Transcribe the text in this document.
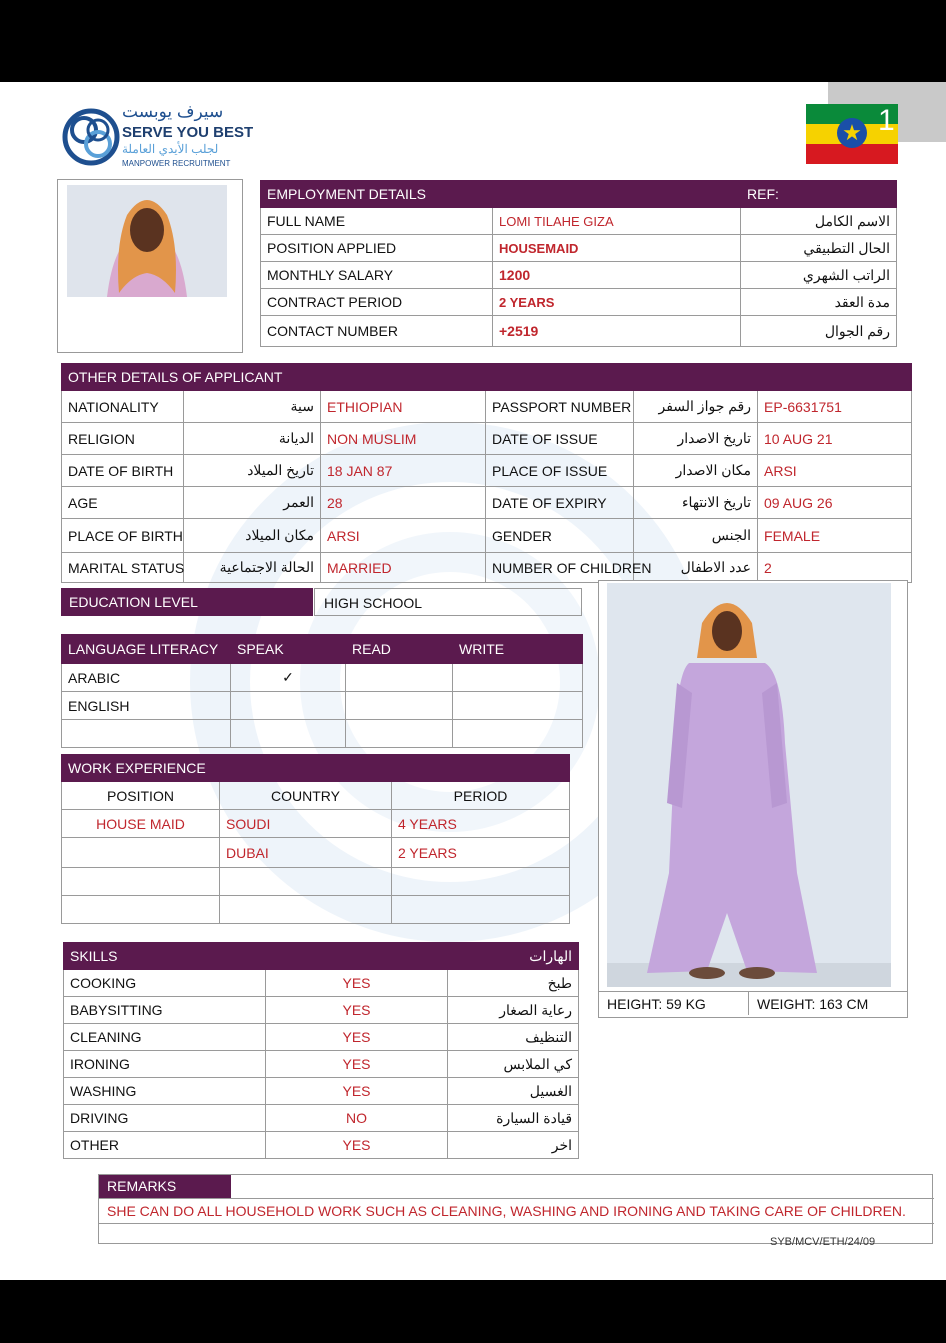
سيرف يوبست
SERVE YOU BEST
لجلب الأيدي العاملة
MANPOWER RECRUITMENT
★ 1
EMPLOYMENT DETAILS		REF:
FULL NAME	LOMI TILAHE GIZA	الاسم الكامل
POSITION APPLIED	HOUSEMAID	الحال التطبيقي
MONTHLY SALARY	1200	الراتب الشهري
CONTRACT PERIOD	2 YEARS	مدة العقد
CONTACT NUMBER	+2519	رقم الجوال
OTHER DETAILS OF APPLICANT					
NATIONALITY	سية	ETHIOPIAN	PASSPORT NUMBER	رقم جواز السفر	EP-6631751
RELIGION	الديانة	NON MUSLIM	DATE OF ISSUE	تاريخ الاصدار	10 AUG 21
DATE OF BIRTH	تاريخ الميلاد	18 JAN 87	PLACE OF ISSUE	مكان الاصدار	ARSI
AGE	العمر	28	DATE OF EXPIRY	تاريخ الانتهاء	09 AUG 26
PLACE OF BIRTH	مكان الميلاد	ARSI	GENDER	الجنس	FEMALE
MARITAL STATUS	الحالة الاجتماعية	MARRIED	NUMBER OF CHILDREN	عدد الاطفال	2
EDUCATION LEVEL	HIGH SCHOOL
LANGUAGE LITERACY	SPEAK	READ	WRITE
ARABIC	✓		
ENGLISH			

WORK EXPERIENCE		
POSITION	COUNTRY	PERIOD
HOUSE MAID	SOUDI	4 YEARS
	DUBAI	2 YEARS

SKILLS		الهارات
COOKING	YES	طبخ
BABYSITTING	YES	رعاية الصغار
CLEANING	YES	التنظيف
IRONING	YES	كي الملابس
WASHING	YES	الغسيل
DRIVING	NO	قيادة السيارة
OTHER	YES	اخر
HEIGHT: 59 KG	WEIGHT: 163 CM
REMARKS
SHE CAN DO ALL HOUSEHOLD WORK SUCH AS CLEANING, WASHING AND IRONING AND TAKING CARE OF CHILDREN.
SYB/MCV/ETH/24/09
